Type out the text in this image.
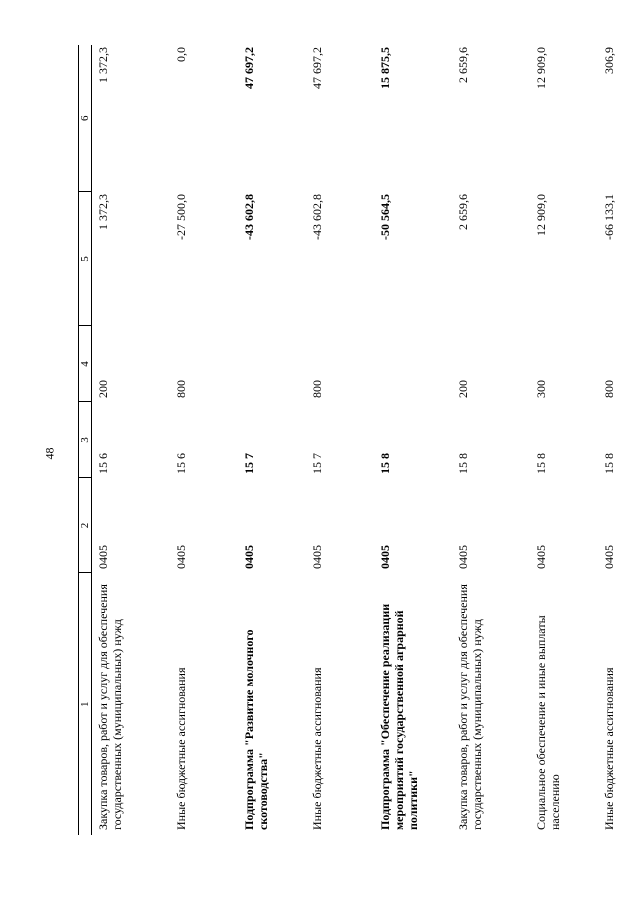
48
1	2	3	4	5	6
Закупка товаров, работ и услуг для обеспечения государственных (муниципальных) нужд	0405	15 6	200	1 372,3	1 372,3
Иные бюджетные ассигнования	0405	15 6	800	-27 500,0	0,0
Подпрограмма "Развитие молочного скотоводства"	0405	15 7		-43 602,8	47 697,2
Иные бюджетные ассигнования	0405	15 7	800	-43 602,8	47 697,2
Подпрограмма "Обеспечение реализации мероприятий государственной аграрной политики"	0405	15 8		-50 564,5	15 875,5
Закупка товаров, работ и услуг для обеспечения государственных (муниципальных) нужд	0405	15 8	200	2 659,6	2 659,6
Социальное обеспечение и иные выплаты населению	0405	15 8	300	12 909,0	12 909,0
Иные бюджетные ассигнования	0405	15 8	800	-66 133,1	306,9
